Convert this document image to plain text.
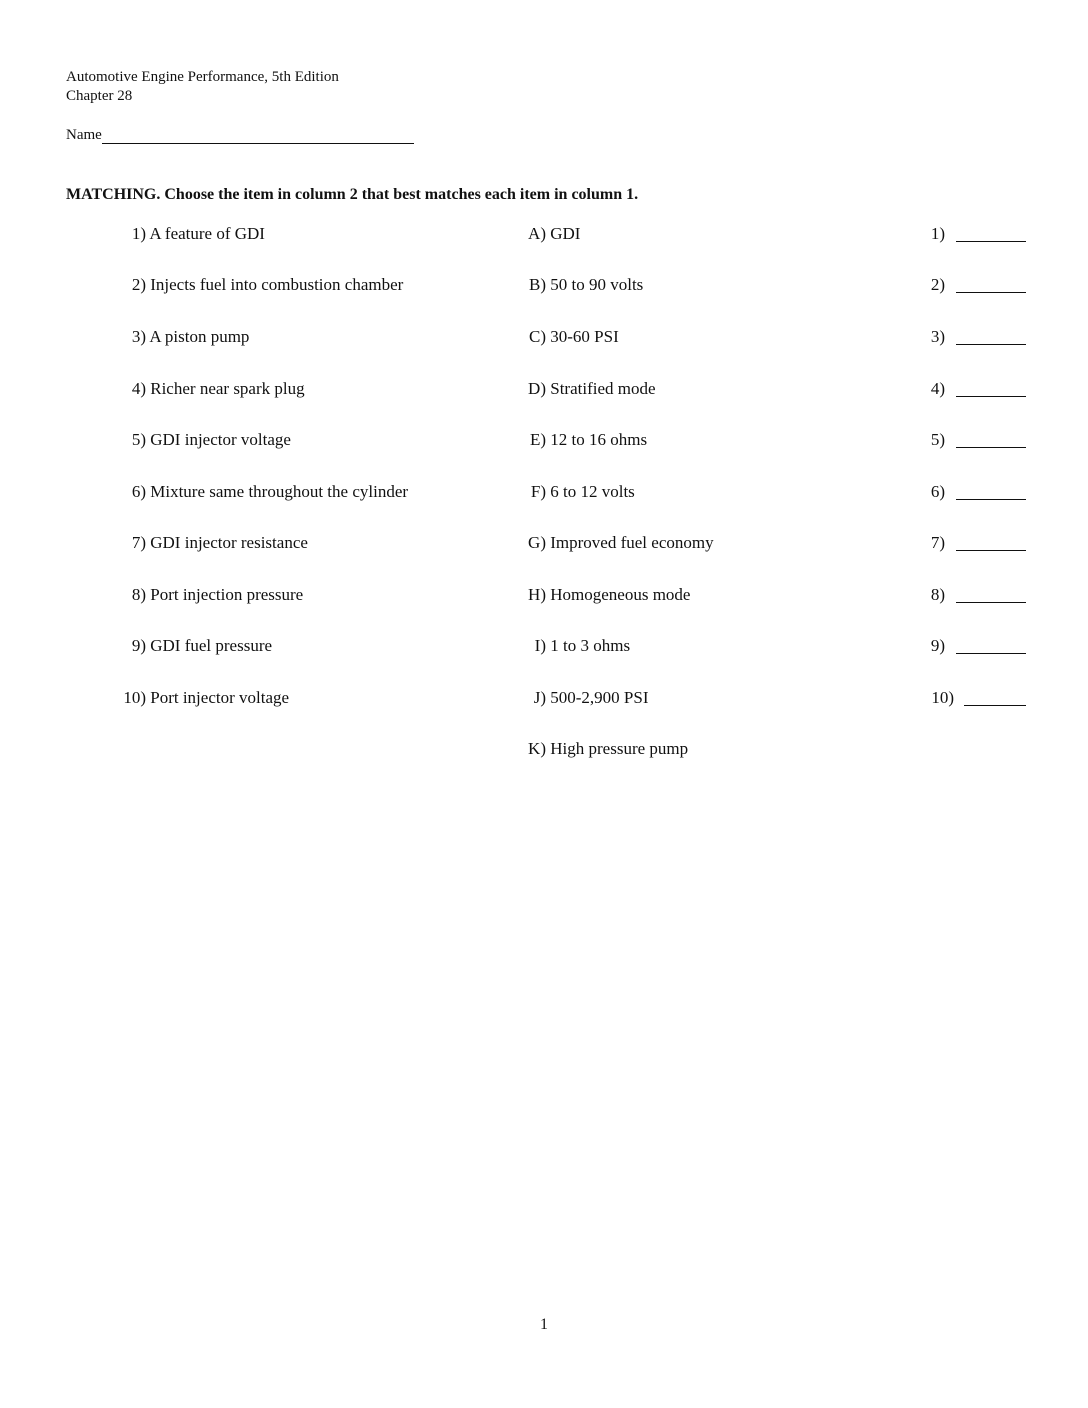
Automotive Engine Performance, 5th Edition
Chapter 28
Name
MATCHING. Choose the item in column 2 that best matches each item in column 1.
1) A feature of GDI	A) GDI	1)
2) Injects fuel into combustion chamber	B) 50 to 90 volts	2)
3) A piston pump	C) 30-60 PSI	3)
4) Richer near spark plug	D) Stratified mode	4)
5) GDI injector voltage	E) 12 to 16 ohms	5)
6) Mixture same throughout the cylinder	F) 6 to 12 volts	6)
7) GDI injector resistance	G) Improved fuel economy	7)
8) Port injection pressure	H) Homogeneous mode	8)
9) GDI fuel pressure	I) 1 to 3 ohms	9)
10) Port injector voltage	J) 500-2,900 PSI	10)
K) High pressure pump
1
